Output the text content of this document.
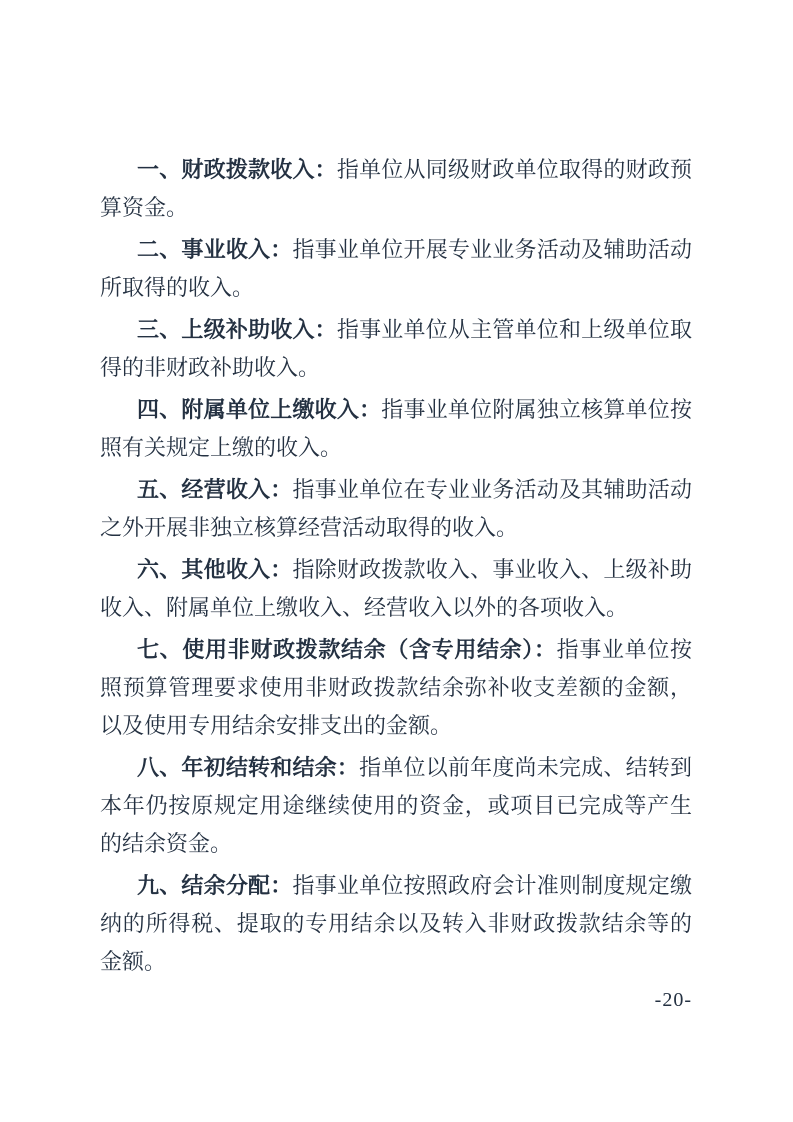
一、财政拨款收入：指单位从同级财政单位取得的财政预算资金。

二、事业收入：指事业单位开展专业业务活动及辅助活动所取得的收入。

三、上级补助收入：指事业单位从主管单位和上级单位取得的非财政补助收入。

四、附属单位上缴收入：指事业单位附属独立核算单位按照有关规定上缴的收入。

五、经营收入：指事业单位在专业业务活动及其辅助活动之外开展非独立核算经营活动取得的收入。

六、其他收入：指除财政拨款收入、事业收入、上级补助收入、附属单位上缴收入、经营收入以外的各项收入。

七、使用非财政拨款结余（含专用结余）：指事业单位按照预算管理要求使用非财政拨款结余弥补收支差额的金额，以及使用专用结余安排支出的金额。

八、年初结转和结余：指单位以前年度尚未完成、结转到本年仍按原规定用途继续使用的资金，或项目已完成等产生的结余资金。

九、结余分配：指事业单位按照政府会计准则制度规定缴纳的所得税、提取的专用结余以及转入非财政拨款结余等的金额。

-20-
